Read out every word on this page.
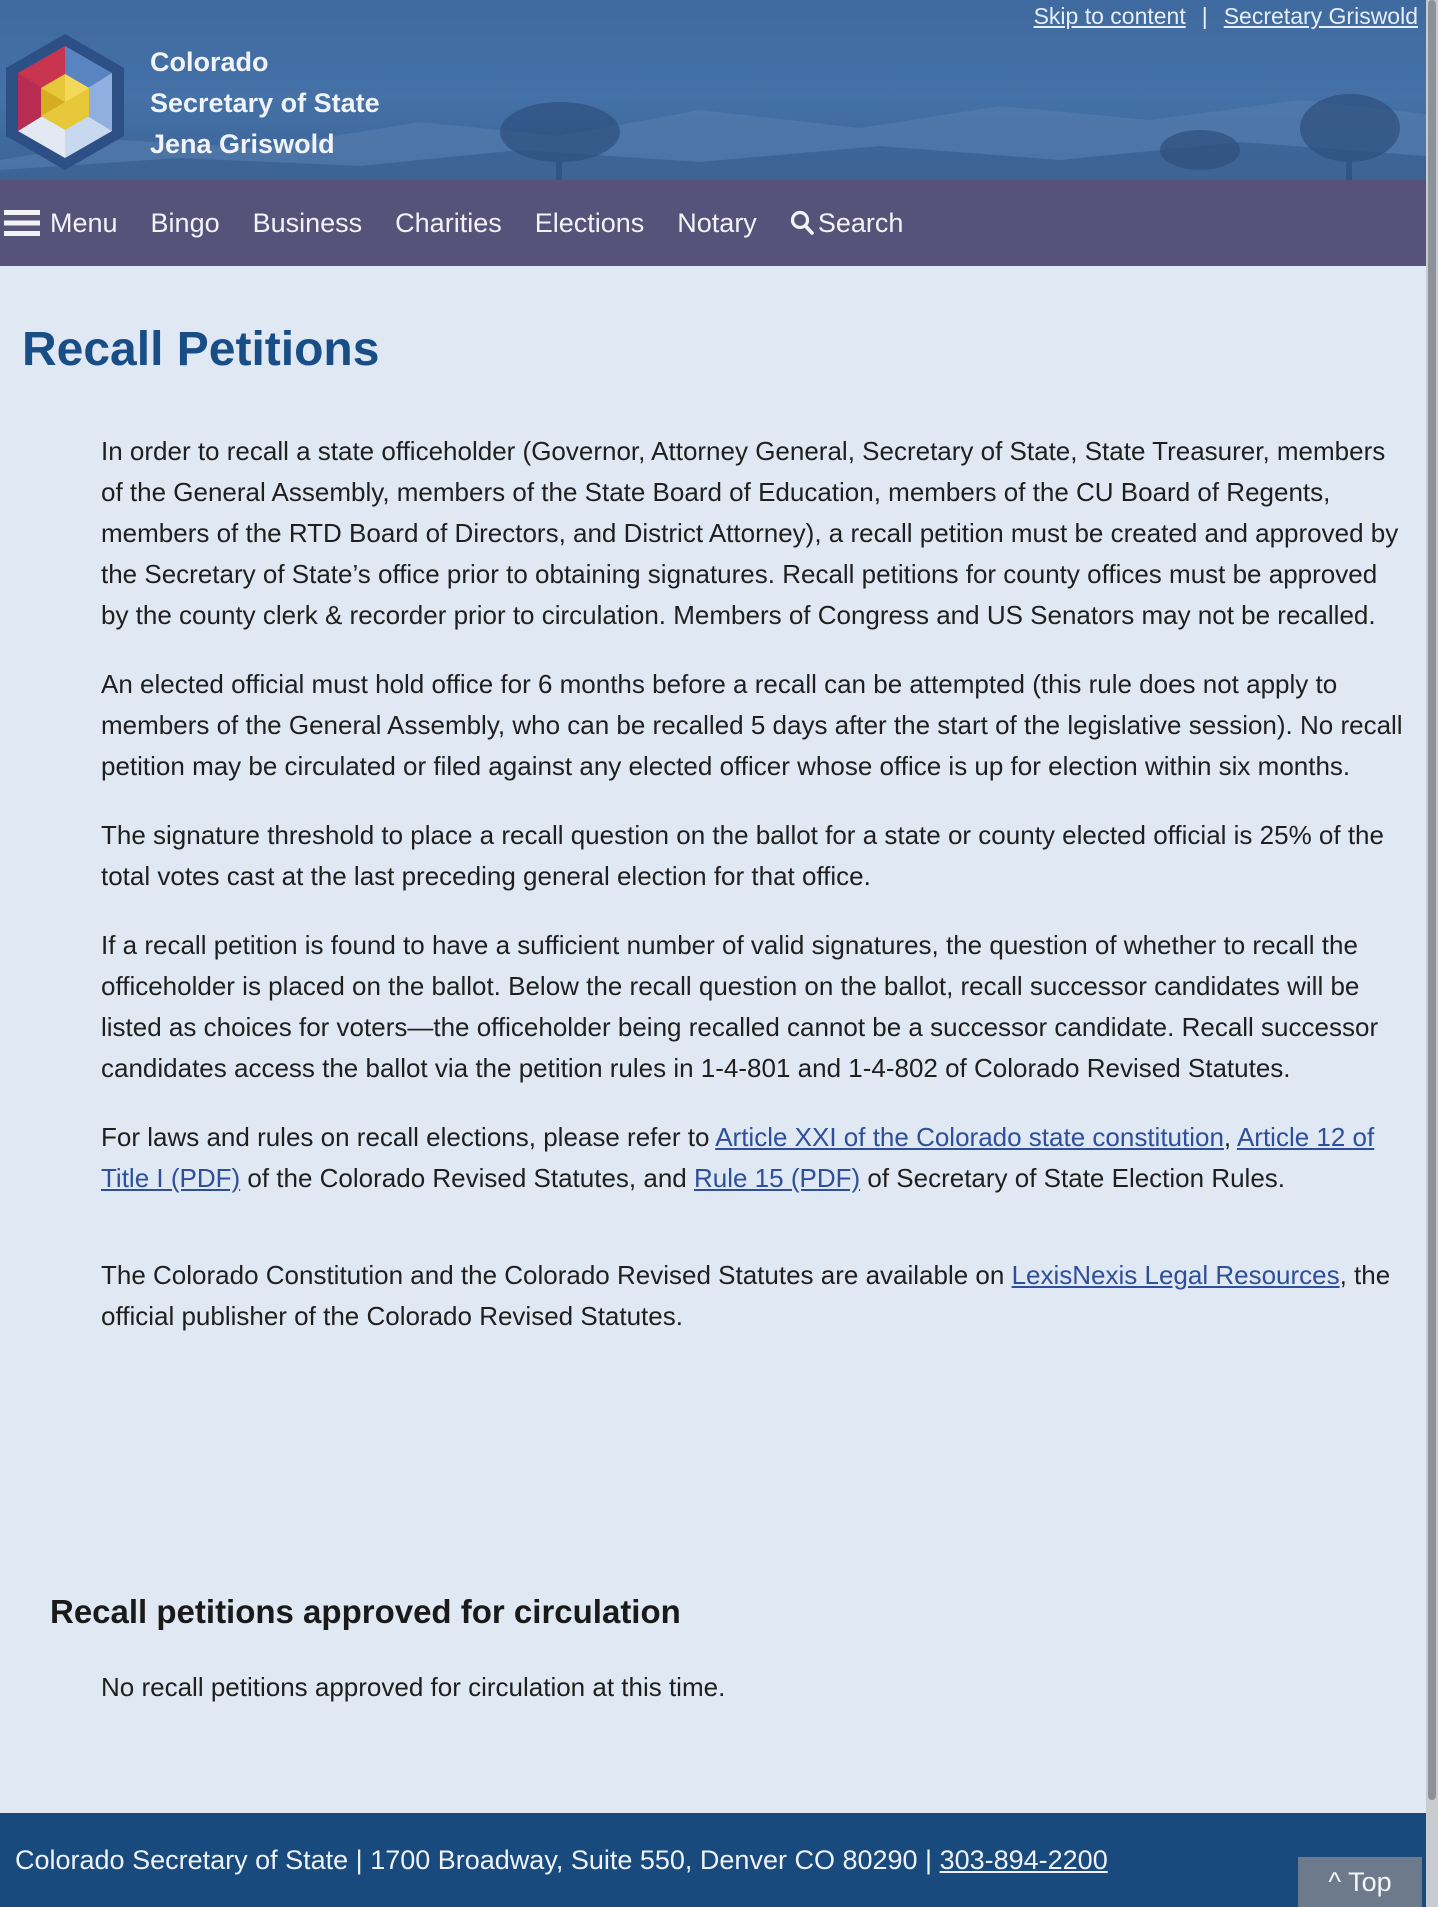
Skip to content | Secretary Griswold
Colorado
Secretary of State
Jena Griswold
Menu Bingo Business Charities Elections Notary Search
Recall Petitions

In order to recall a state officeholder (Governor, Attorney General, Secretary of State, State Treasurer, members of the General Assembly, members of the State Board of Education, members of the CU Board of Regents, members of the RTD Board of Directors, and District Attorney), a recall petition must be created and approved by the Secretary of State’s office prior to obtaining signatures. Recall petitions for county offices must be approved by the county clerk & recorder prior to circulation. Members of Congress and US Senators may not be recalled.

An elected official must hold office for 6 months before a recall can be attempted (this rule does not apply to members of the General Assembly, who can be recalled 5 days after the start of the legislative session). No recall petition may be circulated or filed against any elected officer whose office is up for election within six months.

The signature threshold to place a recall question on the ballot for a state or county elected official is 25% of the total votes cast at the last preceding general election for that office.

If a recall petition is found to have a sufficient number of valid signatures, the question of whether to recall the officeholder is placed on the ballot. Below the recall question on the ballot, recall successor candidates will be listed as choices for voters—the officeholder being recalled cannot be a successor candidate. Recall successor candidates access the ballot via the petition rules in 1-4-801 and 1-4-802 of Colorado Revised Statutes.

For laws and rules on recall elections, please refer to Article XXI of the Colorado state constitution, Article 12 of Title I (PDF) of the Colorado Revised Statutes, and Rule 15 (PDF) of Secretary of State Election Rules.

The Colorado Constitution and the Colorado Revised Statutes are available on LexisNexis Legal Resources, the official publisher of the Colorado Revised Statutes.

Recall petitions approved for circulation

No recall petitions approved for circulation at this time.

Colorado Secretary of State | 1700 Broadway, Suite 550, Denver CO 80290 | 303-894-2200
^ Top
